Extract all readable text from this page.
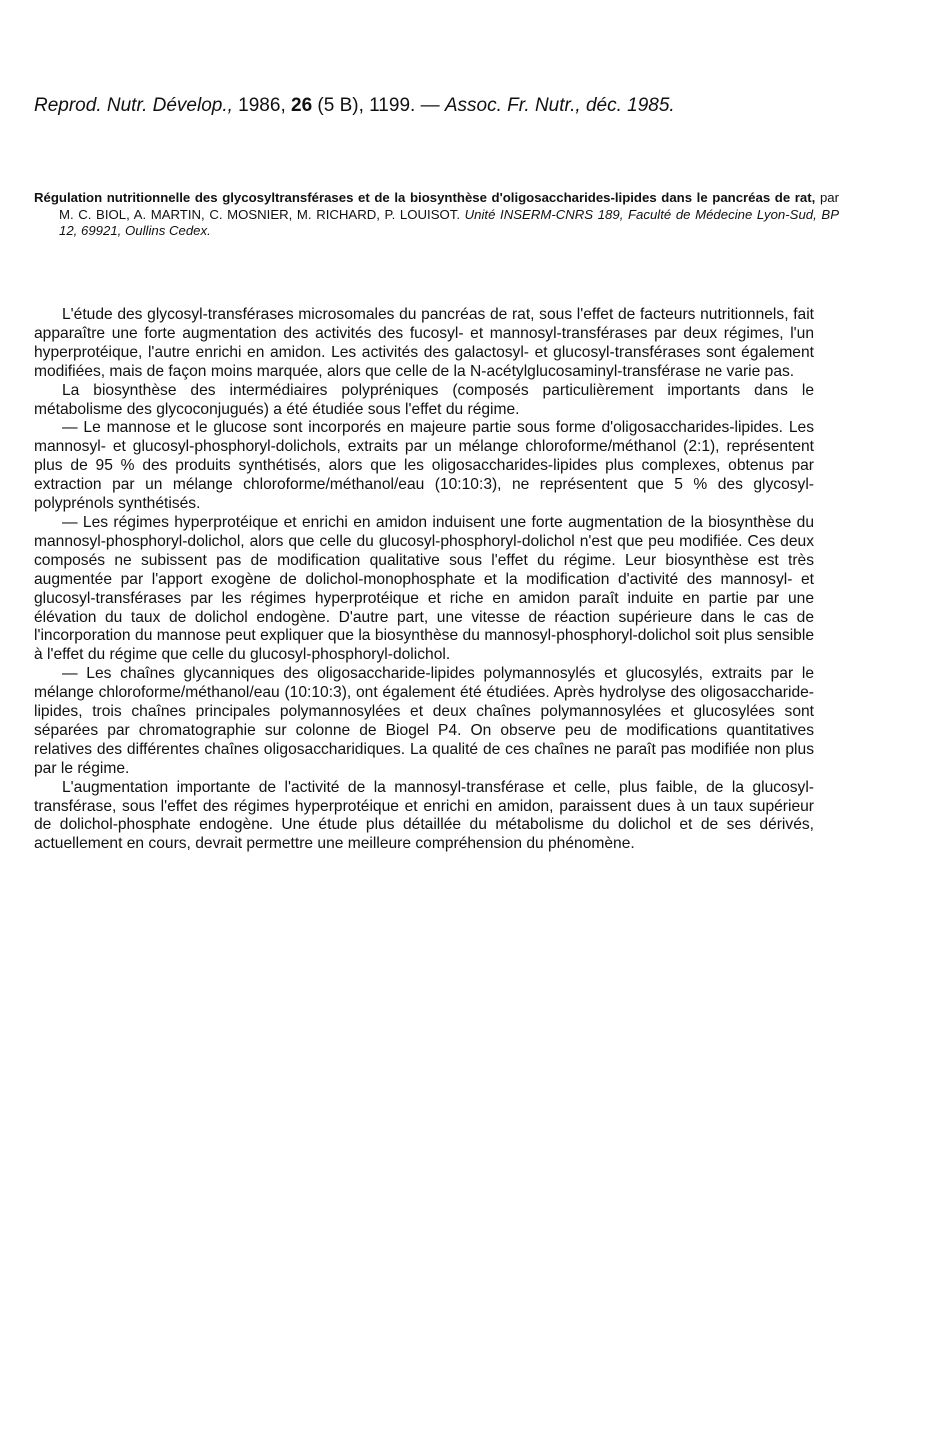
Reprod. Nutr. Dévelop., 1986, 26 (5 B), 1199. — Assoc. Fr. Nutr., déc. 1985.
Régulation nutritionnelle des glycosyltransférases et de la biosynthèse d'oligosaccharides-lipides dans le pancréas de rat, par M. C. BIOL, A. MARTIN, C. MOSNIER, M. RICHARD, P. LOUISOT. Unité INSERM-CNRS 189, Faculté de Médecine Lyon-Sud, BP 12, 69921, Oullins Cedex.

L'étude des glycosyl-transférases microsomales du pancréas de rat, sous l'effet de facteurs nutritionnels, fait apparaître une forte augmentation des activités des fucosyl- et mannosyl-transférases par deux régimes, l'un hyperprotéique, l'autre enrichi en amidon. Les activités des galactosyl- et glucosyl-transférases sont également modifiées, mais de façon moins marquée, alors que celle de la N-acétylglucosaminyl-transférase ne varie pas.

La biosynthèse des intermédiaires polypréniques (composés particulièrement importants dans le métabolisme des glycoconjugués) a été étudiée sous l'effet du régime.

— Le mannose et le glucose sont incorporés en majeure partie sous forme d'oligosaccharides-lipides. Les mannosyl- et glucosyl-phosphoryl-dolichols, extraits par un mélange chloroforme/méthanol (2:1), représentent plus de 95 % des produits synthétisés, alors que les oligosaccharides-lipides plus complexes, obtenus par extraction par un mélange chloroforme/méthanol/eau (10:10:3), ne représentent que 5 % des glycosyl-polyprénols synthétisés.

— Les régimes hyperprotéique et enrichi en amidon induisent une forte augmentation de la biosynthèse du mannosyl-phosphoryl-dolichol, alors que celle du glucosyl-phosphoryl-dolichol n'est que peu modifiée. Ces deux composés ne subissent pas de modification qualitative sous l'effet du régime. Leur biosynthèse est très augmentée par l'apport exogène de dolichol-monophosphate et la modification d'activité des mannosyl- et glucosyl-transférases par les régimes hyperprotéique et riche en amidon paraît induite en partie par une élévation du taux de dolichol endogène. D'autre part, une vitesse de réaction supérieure dans le cas de l'incorporation du mannose peut expliquer que la biosynthèse du mannosyl-phosphoryl-dolichol soit plus sensible à l'effet du régime que celle du glucosyl-phosphoryl-dolichol.

— Les chaînes glycanniques des oligosaccharide-lipides polymannosylés et glucosylés, extraits par le mélange chloroforme/méthanol/eau (10:10:3), ont également été étudiées. Après hydrolyse des oligosaccharide-lipides, trois chaînes principales polymannosylées et deux chaînes polymannosylées et glucosylées sont séparées par chromatographie sur colonne de Biogel P4. On observe peu de modifications quantitatives relatives des différentes chaînes oligosaccharidiques. La qualité de ces chaînes ne paraît pas modifiée non plus par le régime.

L'augmentation importante de l'activité de la mannosyl-transférase et celle, plus faible, de la glucosyl-transférase, sous l'effet des régimes hyperprotéique et enrichi en amidon, paraissent dues à un taux supérieur de dolichol-phosphate endogène. Une étude plus détaillée du métabolisme du dolichol et de ses dérivés, actuellement en cours, devrait permettre une meilleure compréhension du phénomène.
